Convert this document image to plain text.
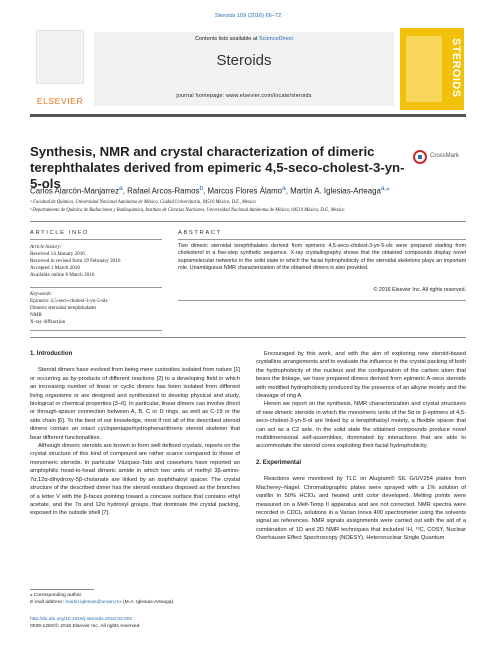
Steroids 109 (2016) 66–72
ELSEVIER
Contents lists available at ScienceDirect
Steroids
journal homepage: www.elsevier.com/locate/steroids	STEROIDS
Synthesis, NMR and crystal characterization of dimeric terephthalates derived from epimeric 4,5-seco-cholest-3-yn-5-ols
CrossMark
Carlos Alarcón-Manjarrez$^a$, Rafael Arcos-Ramos$^b$, Marcos Flores Álamo$^a$, Martín A. Iglesias-Arteaga$^{a,⁎}$
ᵃ Facultad de Química, Universidad Nacional Autónoma de México, Ciudad Universitaria, 04510 México, D.F., Mexico
ᵇ Departamento de Química de Radiaciones y Radioquímica, Instituto de Ciencias Nucleares, Universidad Nacional Autónoma de México, 04510 México, D.F., Mexico
ARTICLE INFO	ABSTRACT
Article history:
Received 14 January 2016
Received in revised form 19 February 2016
Accepted 1 March 2016
Available online 8 March 2016
Keywords:
Epimeric 4,5-seco-cholest-3-yn-5-ols
Dimeric steroidal terephthalates
NMR
X-ray diffraction
Two dimeric steroidal terephthalates derived from epimeric 4,5-seco-cholest-3-yn-5-ols were prepared starting from cholesterol in a five-step synthetic sequence. X-ray crystallography shows that the obtained compounds display novel supramolecular networks in the solid state in which the facial hydrophobicity of the steroidal skeletons plays an important role. Unambiguous NMR characterization of the obtained dimers is also provided.
© 2016 Elsevier Inc. All rights reserved.
1. Introduction

Steroid dimers have evolved from being mere curiosities isolated from nature [1] or occurring as by-products of different reactions [2] to a developing field in which an increasing number of linear or cyclic dimers has been isolated from different living organisms or are designed and synthesized to develop physical and study, biological or chemical properties [3–6]. In particular, linear dimers can involve direct or through-spacer connection between A, B, C or D rings, as well as C-19 or the side chain [6]. To the best of our knowledge, most if not all of the described steroid dimers contain an intact cyclopentaperhydrophenanthrene steroid skeleton that bear different functionalities.

Although dimeric steroids are known to form well defined crystals, reports on the crystal structure of this kind of compound are rather scarce compared to those of monomeric steroids. In particular Vázquez-Tato and coworkers have reported an amphiphilic head-to-head dimeric amide in which two units of methyl 3β-amino-7α,12α-dihydroxy-5β-cholanate are linked by an isophthaloyl spacer. The crystal structure of the described dimer has the steroid residues disposed as the branches of a letter V with the β-faces pointing toward a concave surface that contains ethyl acetate, and the 7α and 12α hydroxyl groups, that dominate the crystal packing, exposed in the outside shell [7].

Encouraged by this work, and with the aim of exploring new steroid-based crystalline arrangements and to evaluate the influence in the crystal packing of both the hydrophobicity of the nucleus and the configuration of the carbon atom that bears the linkage, we have prepared dimers derived from epimeric A-seco steroids with modified hydrophobicity produced by the presence of an alkyne moiety and the cleavage of ring A.

Herein we report on the synthesis, NMR characterization and crystal structures of new dimeric steroids in which the monomeric units of the 5α or β-epimers of 4,5-seco-cholest-3-yn-5-ol are linked by a terephthaloyl moiety, a flexible spacer that can act as a C2 axle. In the solid state the obtained compounds produce novel multidimensional self-assemblies, dominated by interactions that are able to accommodate the steroid cores exploiting their facial hydrophobicity.

2. Experimental

Reactions were monitored by TLC on Alugram® SIL G/UV254 plates from Macherey–Nagel. Chromatographic plates were sprayed with a 1% solution of vanillin in 50% HClO₄ and heated until color developed. Melting points were measured on a Melt-Temp II apparatus and are not corrected. NMR spectra were recorded in CDCl₃ solutions in a Varian Inova 400 spectrometer using the solvents signal as references. NMR signals assignments were carried out with the aid of a combination of 1D and 2D NMR techniques that included ¹H, ¹³C, COSY, Nuclear Overhauser Effect Spectroscopy (NOESY), Heteronuclear Single Quantum

⁎ Corresponding author.
E-mail address: martin.iglesias@unam.mx (M.A. Iglesias-Arteaga).
http://dx.doi.org/10.1016/j.steroids.2016.03.001
0039-128X/© 2016 Elsevier Inc. All rights reserved.
